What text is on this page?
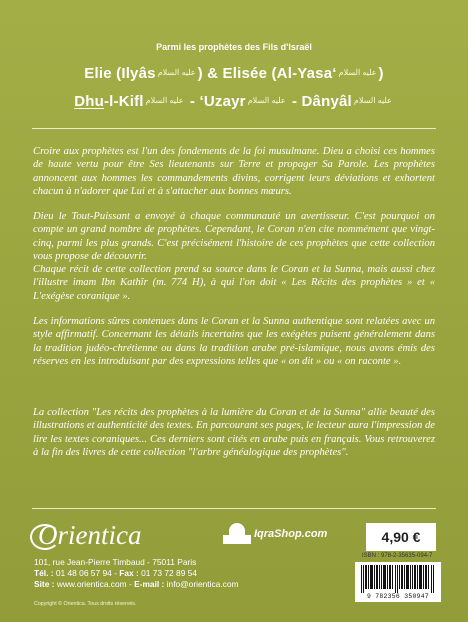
Parmi les prophètes des Fils d'Israël
Elie (Ilyâs عليه السلام ) & Elisée (Al-Yasa‘ عليه السلام )
Dhu-l-Kifl عليه السلام - ‘Uzayr عليه السلام - Dânyâl عليه السلام

Croire aux prophètes est l'un des fondements de la foi musulmane. Dieu a choisi ces hommes de haute vertu pour être Ses lieutenants sur Terre et propager Sa Parole. Les prophètes annoncent aux hommes les commandements divins, corrigent leurs déviations et exhortent chacun à n'adorer que Lui et à s'attacher aux bonnes mœurs.

Dieu le Tout-Puissant a envoyé à chaque communauté un avertisseur. C'est pourquoi on compte un grand nombre de prophètes. Cependant, le Coran n'en cite nommément que vingt-cinq, parmi les plus grands. C'est précisément l'histoire de ces prophètes que cette collection vous propose de découvrir.

Chaque récit de cette collection prend sa source dans le Coran et la Sunna, mais aussi chez l'illustre imam Ibn Kathîr (m. 774 H), à qui l'on doit « Les Récits des prophètes » et « L'exégèse coranique ».

Les informations sûres contenues dans le Coran et la Sunna authentique sont relatées avec un style affirmatif. Concernant les détails incertains que les exégètes puisent généralement dans la tradition judéo-chrétienne ou dans la tradition arabe pré-islamique, nous avons émis des réserves en les introduisant par des expressions telles que « on dit » ou « on raconte ».

La collection "Les récits des prophètes à la lumière du Coran et de la Sunna" allie beauté des illustrations et authenticité des textes. En parcourant ses pages, le lecteur aura l'impression de lire les textes coraniques... Ces derniers sont cités en arabe puis en français. Vous retrouverez à la fin des livres de cette collection "l'arbre généalogique des prophètes".

Orientica	IqraShop.com	4,90 €
101, rue Jean-Pierre Timbaud - 75011 Paris
Tél. : 01 48 06 57 94 - Fax : 01 73 72 89 54
Site : www.orientica.com - E-mail : info@orientica.com
ISBN : 978-2-35635-094-7
9 782356 350947
Copyright © Orientica. Tous droits réservés.
